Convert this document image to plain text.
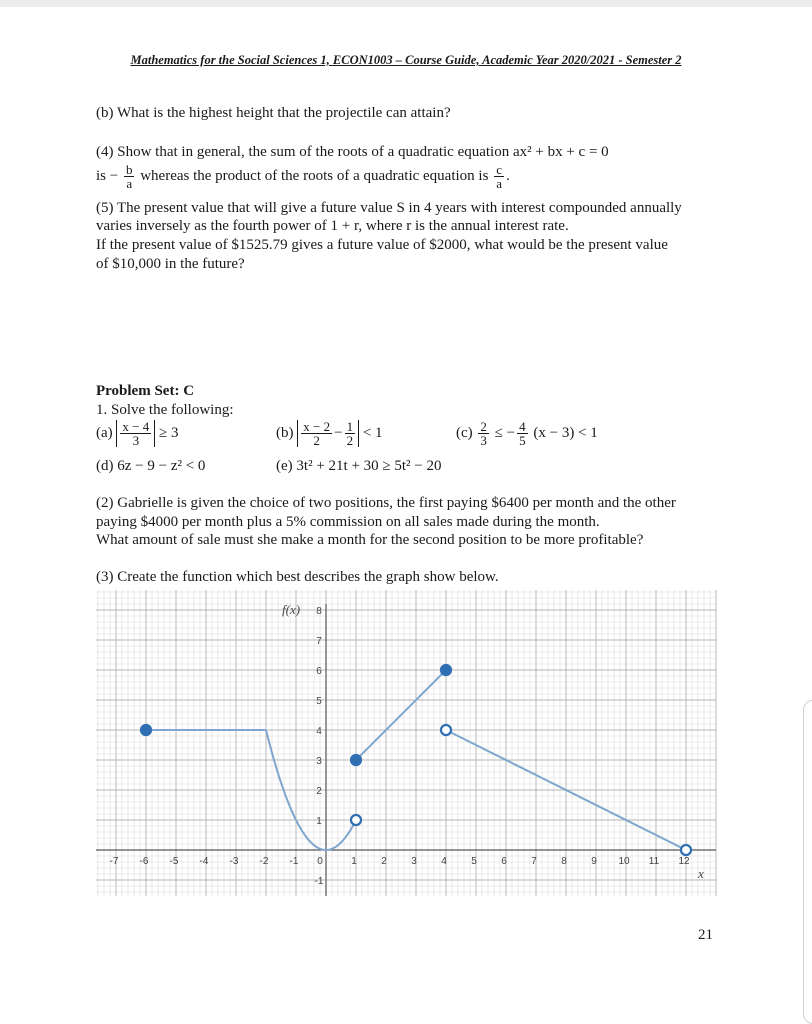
Mathematics for the Social Sciences 1, ECON1003 – Course Guide, Academic Year 2020/2021 - Semester 2
(b) What is the highest height that the projectile can attain?
(4) Show that in general, the sum of the roots of a quadratic equation ax² + bx + c = 0
is − $\frac{b}{a}$ whereas the product of the roots of a quadratic equation is $\frac{c}{a}$ .
(5) The present value that will give a future value S in 4 years with interest compounded annually
varies inversely as the fourth power of 1 + r, where r is the annual interest rate.
If the present value of $1525.79 gives a future value of $2000, what would be the present value
of $10,000 in the future?
Problem Set: C
1. Solve the following:
$(a) \frac{x - 4}{3} \ge 3$	$(b) \frac{x - 2}{2} - \frac{1}{2} < 1$	$(c) \frac{2}{3}$ ≤ − $\frac{4}{5} (x - 3) < 1$
(d) 6z − 9 − z² < 0	(e) 3t² + 21t + 30 ≥ 5t² − 20
(2) Gabrielle is given the choice of two positions, the first paying $6400 per month and the other
paying $4000 per month plus a 5% commission on all sales made during the month.
What amount of sale must she make a month for the second position to be more profitable?
(3) Create the function which best describes the graph show below.
-7 -6 -5 -4 -3 -2 -1 0	1 2 3 4 5 6 7 8 9 10 11 12
8
7
6
5
4
3
2
1
-1
f(x)
x
21
